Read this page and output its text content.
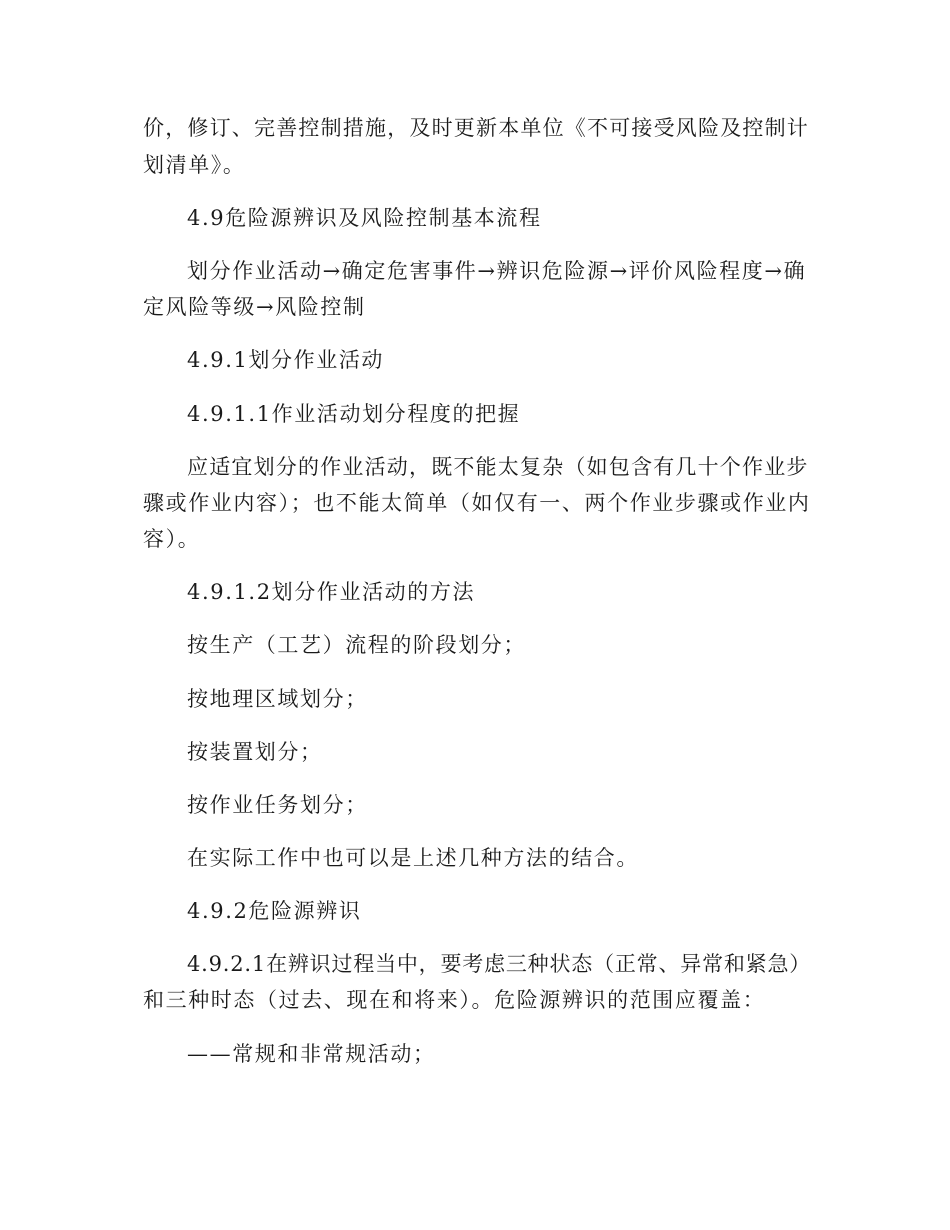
价，修订、完善控制措施，及时更新本单位《不可接受风险及控制计
划清单》。
4.9危险源辨识及风险控制基本流程
划分作业活动→确定危害事件→辨识危险源→评价风险程度→确
定风险等级→风险控制
4.9.1划分作业活动
4.9.1.1作业活动划分程度的把握
应适宜划分的作业活动，既不能太复杂（如包含有几十个作业步
骤或作业内容）；也不能太简单（如仅有一、两个作业步骤或作业内
容）。
4.9.1.2划分作业活动的方法
按生产（工艺）流程的阶段划分；
按地理区域划分；
按装置划分；
按作业任务划分；
在实际工作中也可以是上述几种方法的结合。
4.9.2危险源辨识
4.9.2.1在辨识过程当中，要考虑三种状态（正常、异常和紧急）
和三种时态（过去、现在和将来）。危险源辨识的范围应覆盖：
——常规和非常规活动；
